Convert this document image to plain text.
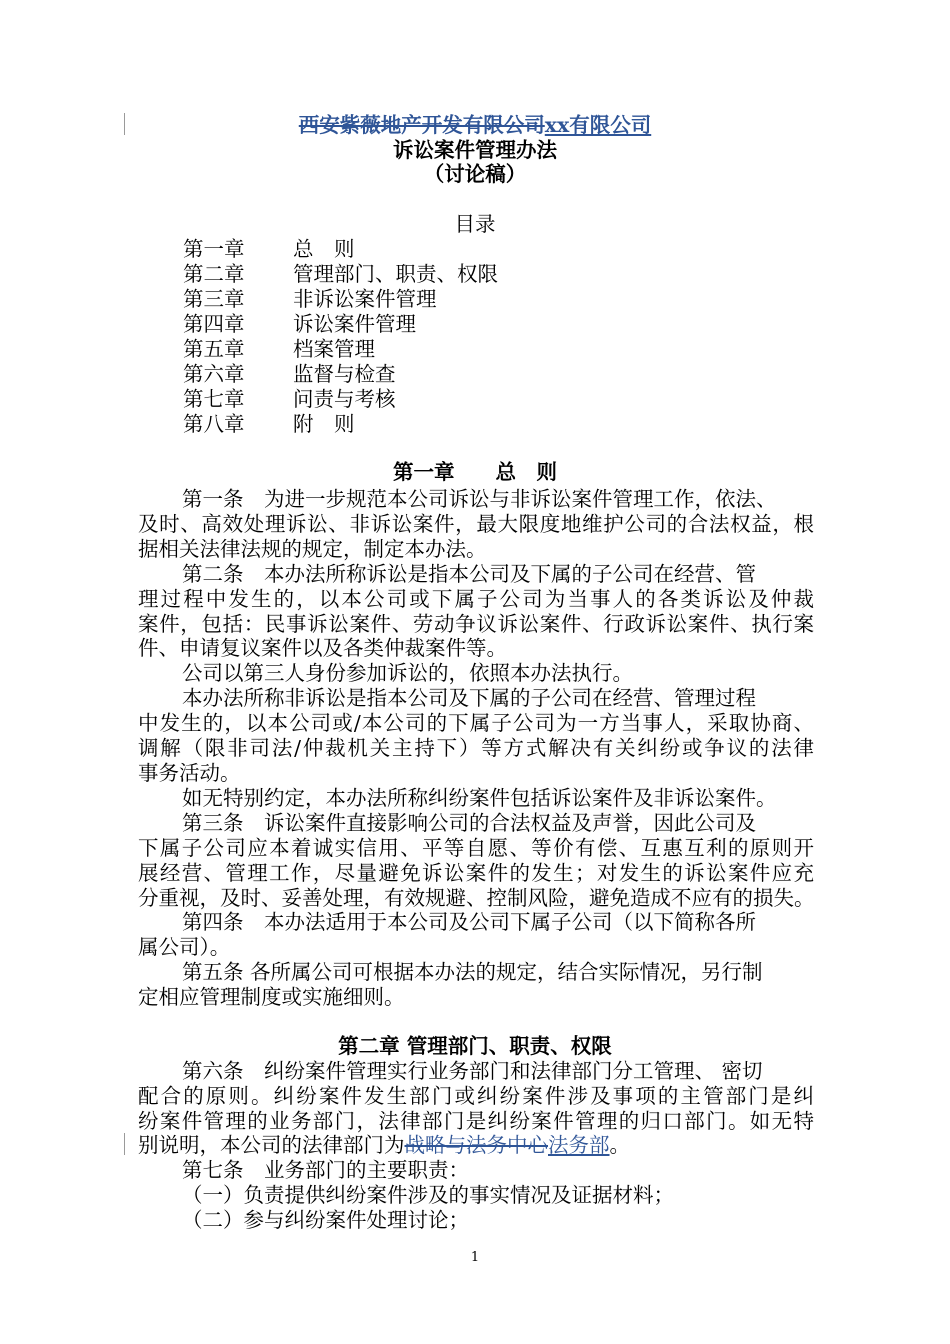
西安紫薇地产开发有限公司xx有限公司
诉讼案件管理办法
（讨论稿）
目录
第一章 总　则
第二章 管理部门、职责、权限
第三章 非诉讼案件管理
第四章 诉讼案件管理
第五章 档案管理
第六章 监督与检查
第七章 问责与考核
第八章 附　则
第一章　　总　则
第一条　为进一步规范本公司诉讼与非诉讼案件管理工作，依法、
及时、高效处理诉讼、非诉讼案件，最大限度地维护公司的合法权益，根
据相关法律法规的规定，制定本办法。
第二条　本办法所称诉讼是指本公司及下属的子公司在经营、管
理过程中发生的，以本公司或下属子公司为当事人的各类诉讼及仲裁
案件，包括：民事诉讼案件、劳动争议诉讼案件、行政诉讼案件、执行案
件、申请复议案件以及各类仲裁案件等。
公司以第三人身份参加诉讼的，依照本办法执行。
本办法所称非诉讼是指本公司及下属的子公司在经营、管理过程
中发生的，以本公司或/本公司的下属子公司为一方当事人，采取协商、
调解（限非司法/仲裁机关主持下）等方式解决有关纠纷或争议的法律
事务活动。
如无特别约定，本办法所称纠纷案件包括诉讼案件及非诉讼案件。
第三条　诉讼案件直接影响公司的合法权益及声誉，因此公司及
下属子公司应本着诚实信用、平等自愿、等价有偿、互惠互利的原则开
展经营、管理工作，尽量避免诉讼案件的发生；对发生的诉讼案件应充
分重视，及时、妥善处理，有效规避、控制风险，避免造成不应有的损失。
第四条　本办法适用于本公司及公司下属子公司（以下简称各所
属公司）。
第五条 各所属公司可根据本办法的规定，结合实际情况，另行制
定相应管理制度或实施细则。
第二章 管理部门、职责、权限
第六条　纠纷案件管理实行业务部门和法律部门分工管理、 密切
配合的原则。纠纷案件发生部门或纠纷案件涉及事项的主管部门是纠
纷案件管理的业务部门，法律部门是纠纷案件管理的归口部门。如无特
别说明，本公司的法律部门为战略与法务中心法务部。
第七条　业务部门的主要职责：
（一）负责提供纠纷案件涉及的事实情况及证据材料；
（二）参与纠纷案件处理讨论；
1
